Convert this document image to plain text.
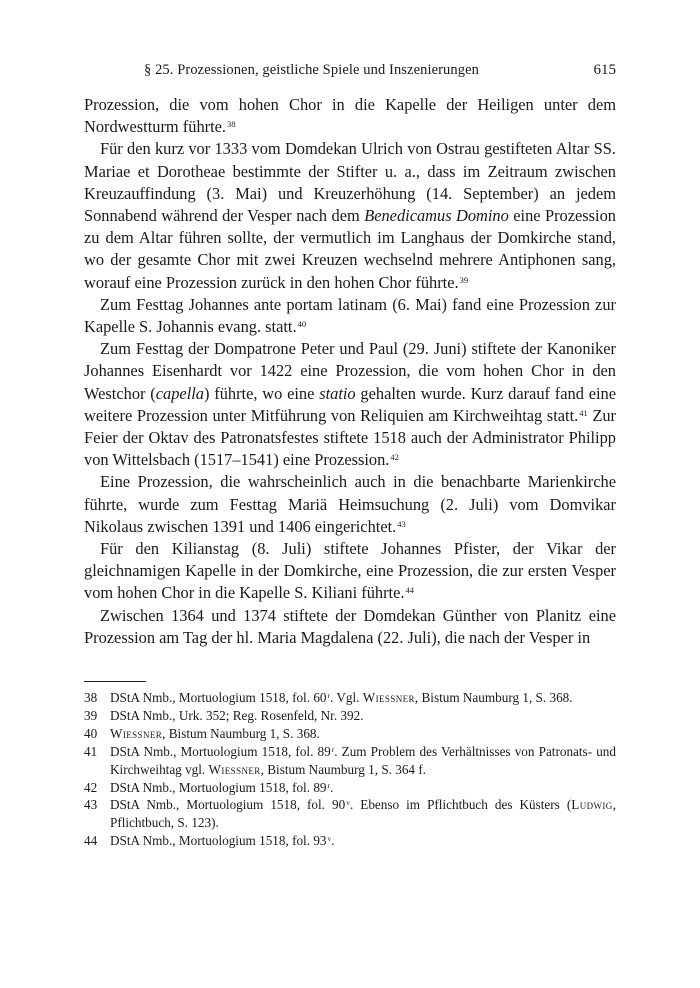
§ 25. Prozessionen, geistliche Spiele und Inszenierungen	615

Prozession, die vom hohen Chor in die Kapelle der Heiligen unter dem Nordwestturm führte.$^{38}$

Für den kurz vor 1333 vom Domdekan Ulrich von Ostrau gestifteten Altar SS. Mariae et Dorotheae bestimmte der Stifter u. a., dass im Zeitraum zwischen Kreuzauffindung (3. Mai) und Kreuzerhöhung (14. September) an jedem Sonnabend während der Vesper nach dem Benedicamus Domino eine Prozession zu dem Altar führen sollte, der vermutlich im Langhaus der Domkirche stand, wo der gesamte Chor mit zwei Kreuzen wechselnd mehrere Antiphonen sang, worauf eine Prozession zurück in den hohen Chor führte.$^{39}$

Zum Festtag Johannes ante portam latinam (6. Mai) fand eine Prozession zur Kapelle S. Johannis evang. statt.$^{40}$

Zum Festtag der Dompatrone Peter und Paul (29. Juni) stiftete der Kanoniker Johannes Eisenhardt vor 1422 eine Prozession, die vom hohen Chor in den Westchor (capella) führte, wo eine statio gehalten wurde. Kurz darauf fand eine weitere Prozession unter Mitführung von Reliquien am Kirchweihtag statt.$^{41}$ Zur Feier der Oktav des Patronatsfestes stiftete 1518 auch der Administrator Philipp von Wittelsbach (1517–1541) eine Prozession.$^{42}$

Eine Prozession, die wahrscheinlich auch in die benachbarte Marienkirche führte, wurde zum Festtag Mariä Heimsuchung (2. Juli) vom Domvikar Nikolaus zwischen 1391 und 1406 eingerichtet.$^{43}$

Für den Kilianstag (8. Juli) stiftete Johannes Pfister, der Vikar der gleichnamigen Kapelle in der Domkirche, eine Prozession, die zur ersten Vesper vom hohen Chor in die Kapelle S. Kiliani führte.$^{44}$

Zwischen 1364 und 1374 stiftete der Domdekan Günther von Planitz eine Prozession am Tag der hl. Maria Magdalena (22. Juli), die nach der Vesper in

38 DStA Nmb., Mortuologium 1518, fol. 60$^r$. Vgl. Wiessner, Bistum Naumburg 1, S. 368.
39 DStA Nmb., Urk. 352; Reg. Rosenfeld, Nr. 392.
40 Wiessner, Bistum Naumburg 1, S. 368.
41 DStA Nmb., Mortuologium 1518, fol. 89$^r$. Zum Problem des Verhältnisses von Patronats- und Kirchweihtag vgl. Wiessner, Bistum Naumburg 1, S. 364 f.
42 DStA Nmb., Mortuologium 1518, fol. 89$^r$.
43 DStA Nmb., Mortuologium 1518, fol. 90$^v$. Ebenso im Pflichtbuch des Küsters (Ludwig, Pflichtbuch, S. 123).
44 DStA Nmb., Mortuologium 1518, fol. 93$^v$.
